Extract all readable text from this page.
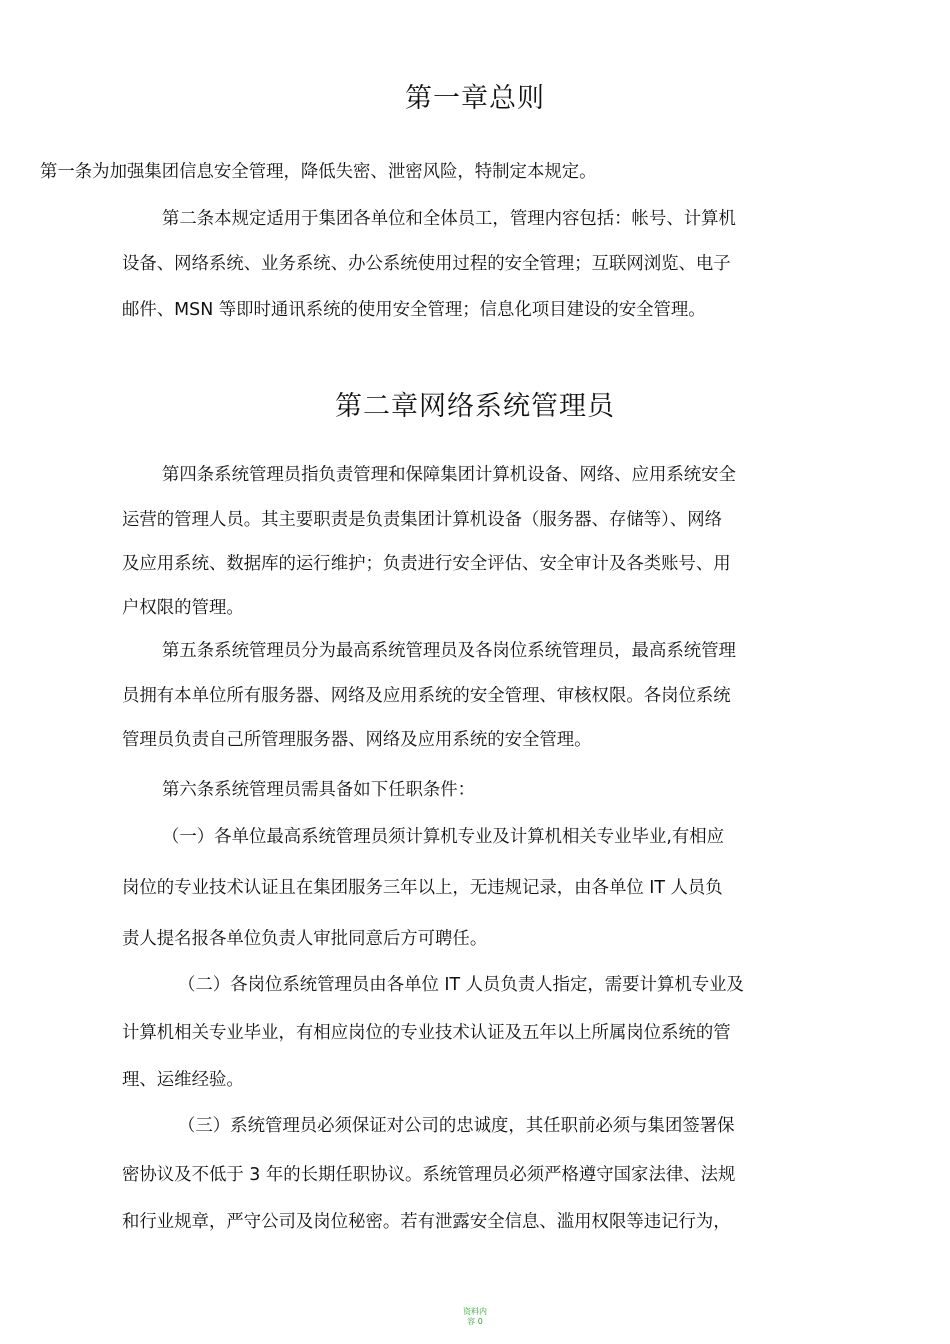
第一章总则
第一条为加强集团信息安全管理，降低失密、泄密风险，特制定本规定。
第二条本规定适用于集团各单位和全体员工，管理内容包括：帐号、计算机
设备、网络系统、业务系统、办公系统使用过程的安全管理；互联网浏览、电子
邮件、MSN 等即时通讯系统的使用安全管理；信息化项目建设的安全管理。
第二章网络系统管理员
第四条系统管理员指负责管理和保障集团计算机设备、网络、应用系统安全
运营的管理人员。其主要职责是负责集团计算机设备（服务器、存储等）、网络
及应用系统、数据库的运行维护；负责进行安全评估、安全审计及各类账号、用
户权限的管理。
第五条系统管理员分为最高系统管理员及各岗位系统管理员，最高系统管理
员拥有本单位所有服务器、网络及应用系统的安全管理、审核权限。各岗位系统
管理员负责自己所管理服务器、网络及应用系统的安全管理。
第六条系统管理员需具备如下任职条件：
（一）各单位最高系统管理员须计算机专业及计算机相关专业毕业,有相应
岗位的专业技术认证且在集团服务三年以上，无违规记录，由各单位 IT 人员负
责人提名报各单位负责人审批同意后方可聘任。
（二）各岗位系统管理员由各单位 IT 人员负责人指定，需要计算机专业及
计算机相关专业毕业，有相应岗位的专业技术认证及五年以上所属岗位系统的管
理、运维经验。
（三）系统管理员必须保证对公司的忠诚度，其任职前必须与集团签署保
密协议及不低于 3 年的长期任职协议。系统管理员必须严格遵守国家法律、法规
和行业规章，严守公司及岗位秘密。若有泄露安全信息、滥用权限等违记行为，
资料内
容 0
